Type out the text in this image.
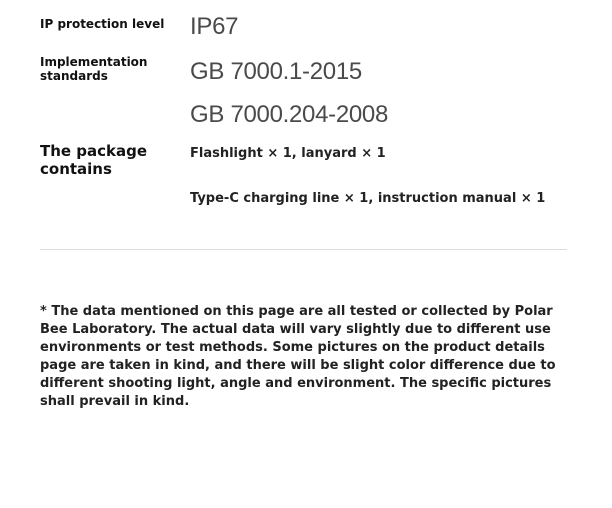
IP protection level IP67
Implementation
standards	GB 7000.1-2015
GB 7000.204-2008
The package
contains
Flashlight × 1, lanyard × 1
Type-C charging line × 1, instruction manual × 1
* The data mentioned on this page are all tested or collected by Polar Bee Laboratory. The actual data will vary slightly due to different use environments or test methods. Some pictures on the product details page are taken in kind, and there will be slight color difference due to different shooting light, angle and environment. The specific pictures shall prevail in kind.
